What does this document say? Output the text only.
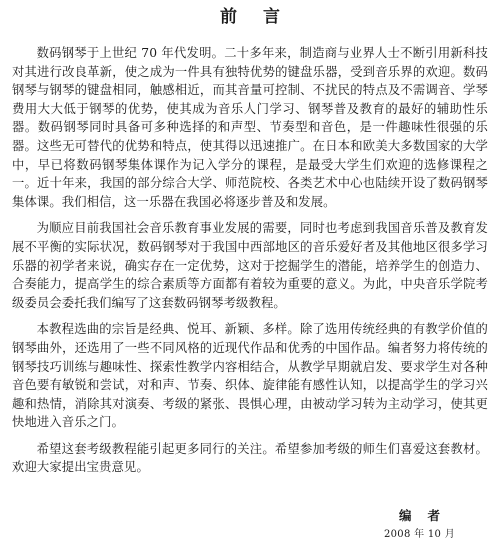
前言

数码钢琴于上世纪 70 年代发明。二十多年来，制造商与业界人士不断引用新科技对其进行改良革新，使之成为一件具有独特优势的键盘乐器，受到音乐界的欢迎。数码钢琴与钢琴的键盘相同，触感相近，而其音量可控制、不扰民的特点及不需调音、学琴费用大大低于钢琴的优势，使其成为音乐人门学习、钢琴普及教育的最好的辅助性乐器。数码钢琴同时具备可多种选择的和声型、节奏型和音色，是一件趣味性很强的乐器。这些无可替代的优势和特点，使其得以迅速推广。在日本和欧美大多数国家的大学中，早已将数码钢琴集体课作为记入学分的课程，是最受大学生们欢迎的选修课程之一。近十年来，我国的部分综合大学、师范院校、各类艺术中心也陆续开设了数码钢琴集体课。我们相信，这一乐器在我国必将逐步普及和发展。

为顺应目前我国社会音乐教育事业发展的需要，同时也考虑到我国音乐普及教育发展不平衡的实际状况，数码钢琴对于我国中西部地区的音乐爱好者及其他地区很多学习乐器的初学者来说，确实存在一定优势，这对于挖掘学生的潜能，培养学生的创造力、合奏能力，提高学生的综合素质等方面都有着较为重要的意义。为此，中央音乐学院考级委员会委托我们编写了这套数码钢琴考级教程。

本教程选曲的宗旨是经典、悦耳、新颖、多样。除了选用传统经典的有教学价值的钢琴曲外，还选用了一些不同风格的近现代作品和优秀的中国作品。编者努力将传统的钢琴技巧训练与趣味性、探索性教学内容相结合，从教学早期就启发、要求学生对各种音色要有敏锐和尝试，对和声、节奏、织体、旋律能有感性认知，以提高学生的学习兴趣和热情，消除其对演奏、考级的紧张、畏惧心理，由被动学习转为主动学习，使其更快地进入音乐之门。

希望这套考级教程能引起更多同行的关注。希望参加考级的师生们喜爱这套教材。欢迎大家提出宝贵意见。

编者
2008 年 10 月
